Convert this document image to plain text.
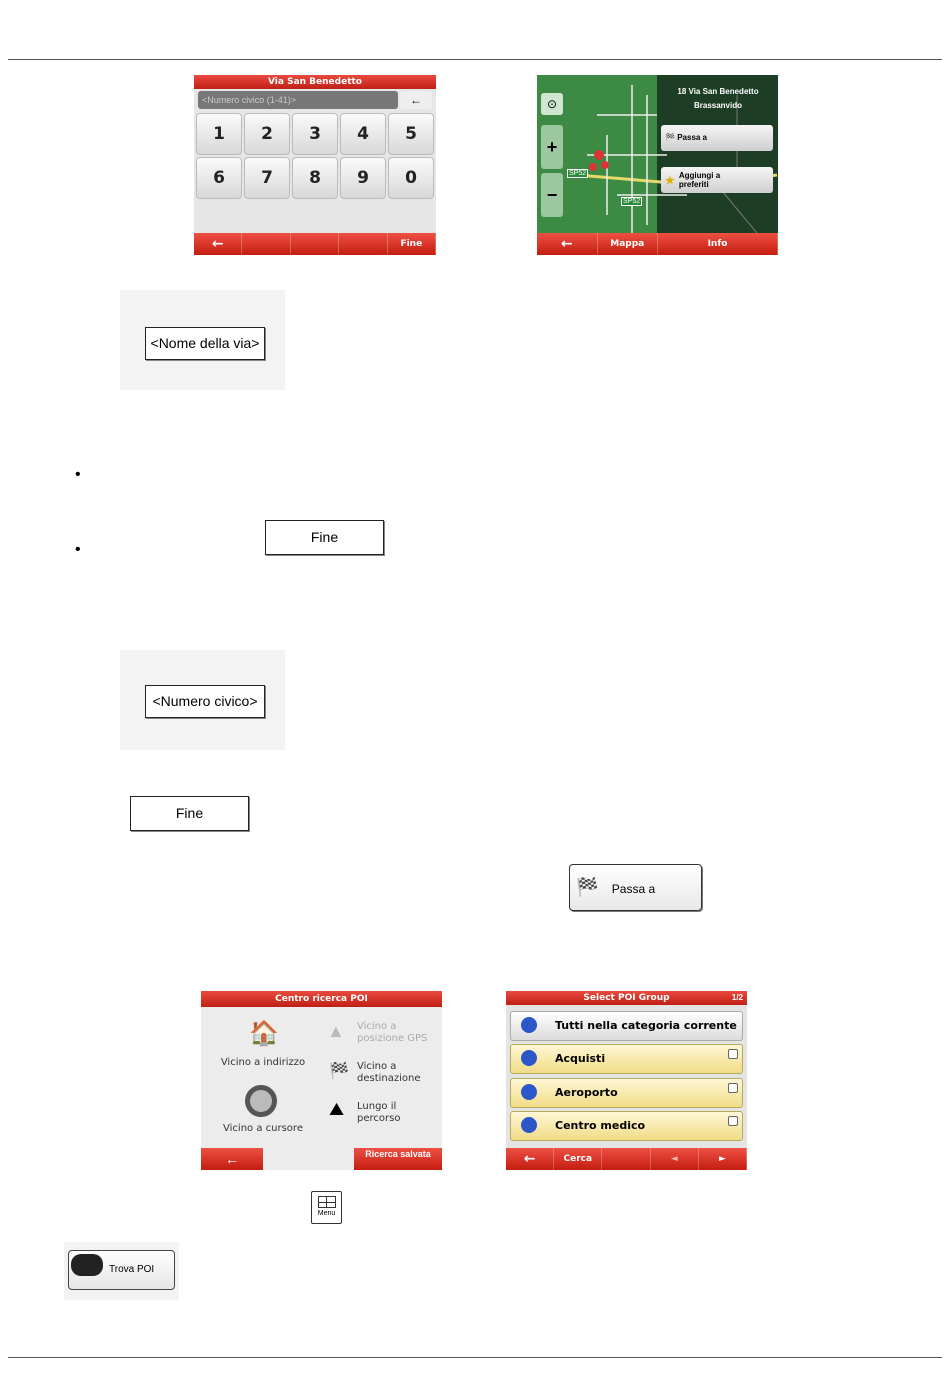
Via San Benedetto
<Numero civico (1-41)>	←
1	2	3	4	5
6	7	8	9	0
←	Fine
⊙
+
−
SP52
SP52
18 Via San Benedetto
Brassanvido
🏁 Passa a
★ Aggiungi a preferiti
←	Mappa	Info
<Nome della via>
•
•
Fine
<Numero civico>
Fine
🏁 Passa a
Centro ricerca POI
🏠
Vicino a indirizzo
▲ Vicino a posizione GPS
🏁 Vicino a destinazione
Vicino a cursore
⛰ Lungo il percorso
←	Ricerca salvata
Select POI Group	1/2
Tutti nella categoria corrente
Acquisti
Aeroporto
Centro medico
←	Cerca	◄	►
Menu
Trova POI
